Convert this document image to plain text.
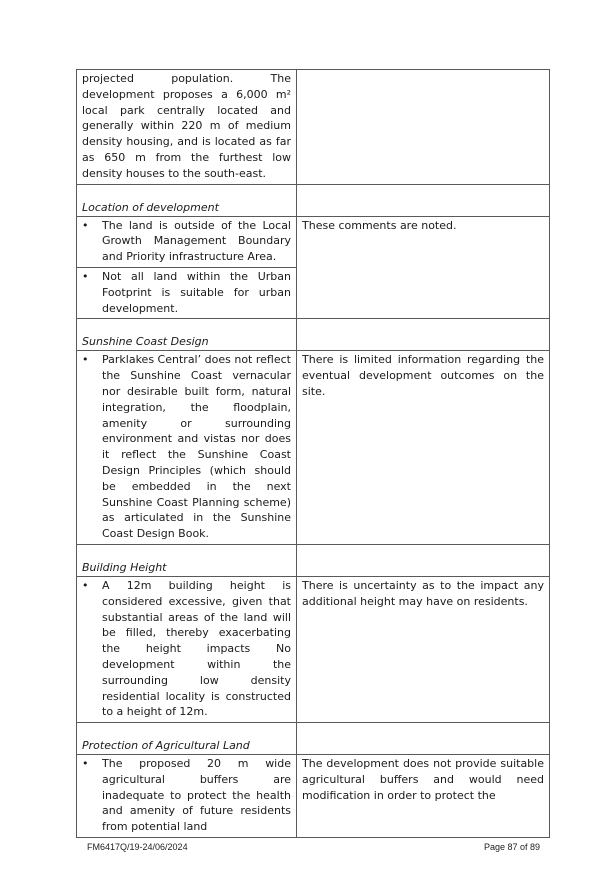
projected population. The
development proposes a 6,000 m² local park centrally located and generally within 220 m of medium density housing, and is located as far as 650 m from the furthest low density houses to the south-east.	

Location of development	

• The land is outside of the Local Growth Management Boundary and Priority infrastructure Area.	These comments are noted.

• Not all land within the Urban Footprint is suitable for urban development.	

Sunshine Coast Design	

• Parklakes Central’ does not reflect the Sunshine Coast vernacular nor desirable built form, natural integration, the floodplain, amenity or surrounding environment and vistas nor does it reflect the Sunshine Coast Design Principles (which should be embedded in the next Sunshine Coast Planning scheme) as articulated in the Sunshine Coast Design Book.	There is limited information regarding the eventual development outcomes on the site.

Building Height	

• A 12m building height is considered excessive, given that substantial areas of the land will be filled, thereby exacerbating the height impacts No development within the surrounding low density residential locality is constructed to a height of 12m.	There is uncertainty as to the impact any additional height may have on residents.

Protection of Agricultural Land	

• The proposed 20 m wide agricultural buffers are inadequate to protect the health and amenity of future residents from potential land	The development does not provide suitable agricultural buffers and would need modification in order to protect the
FM6417Q/19-24/06/2024	Page 87 of 89
